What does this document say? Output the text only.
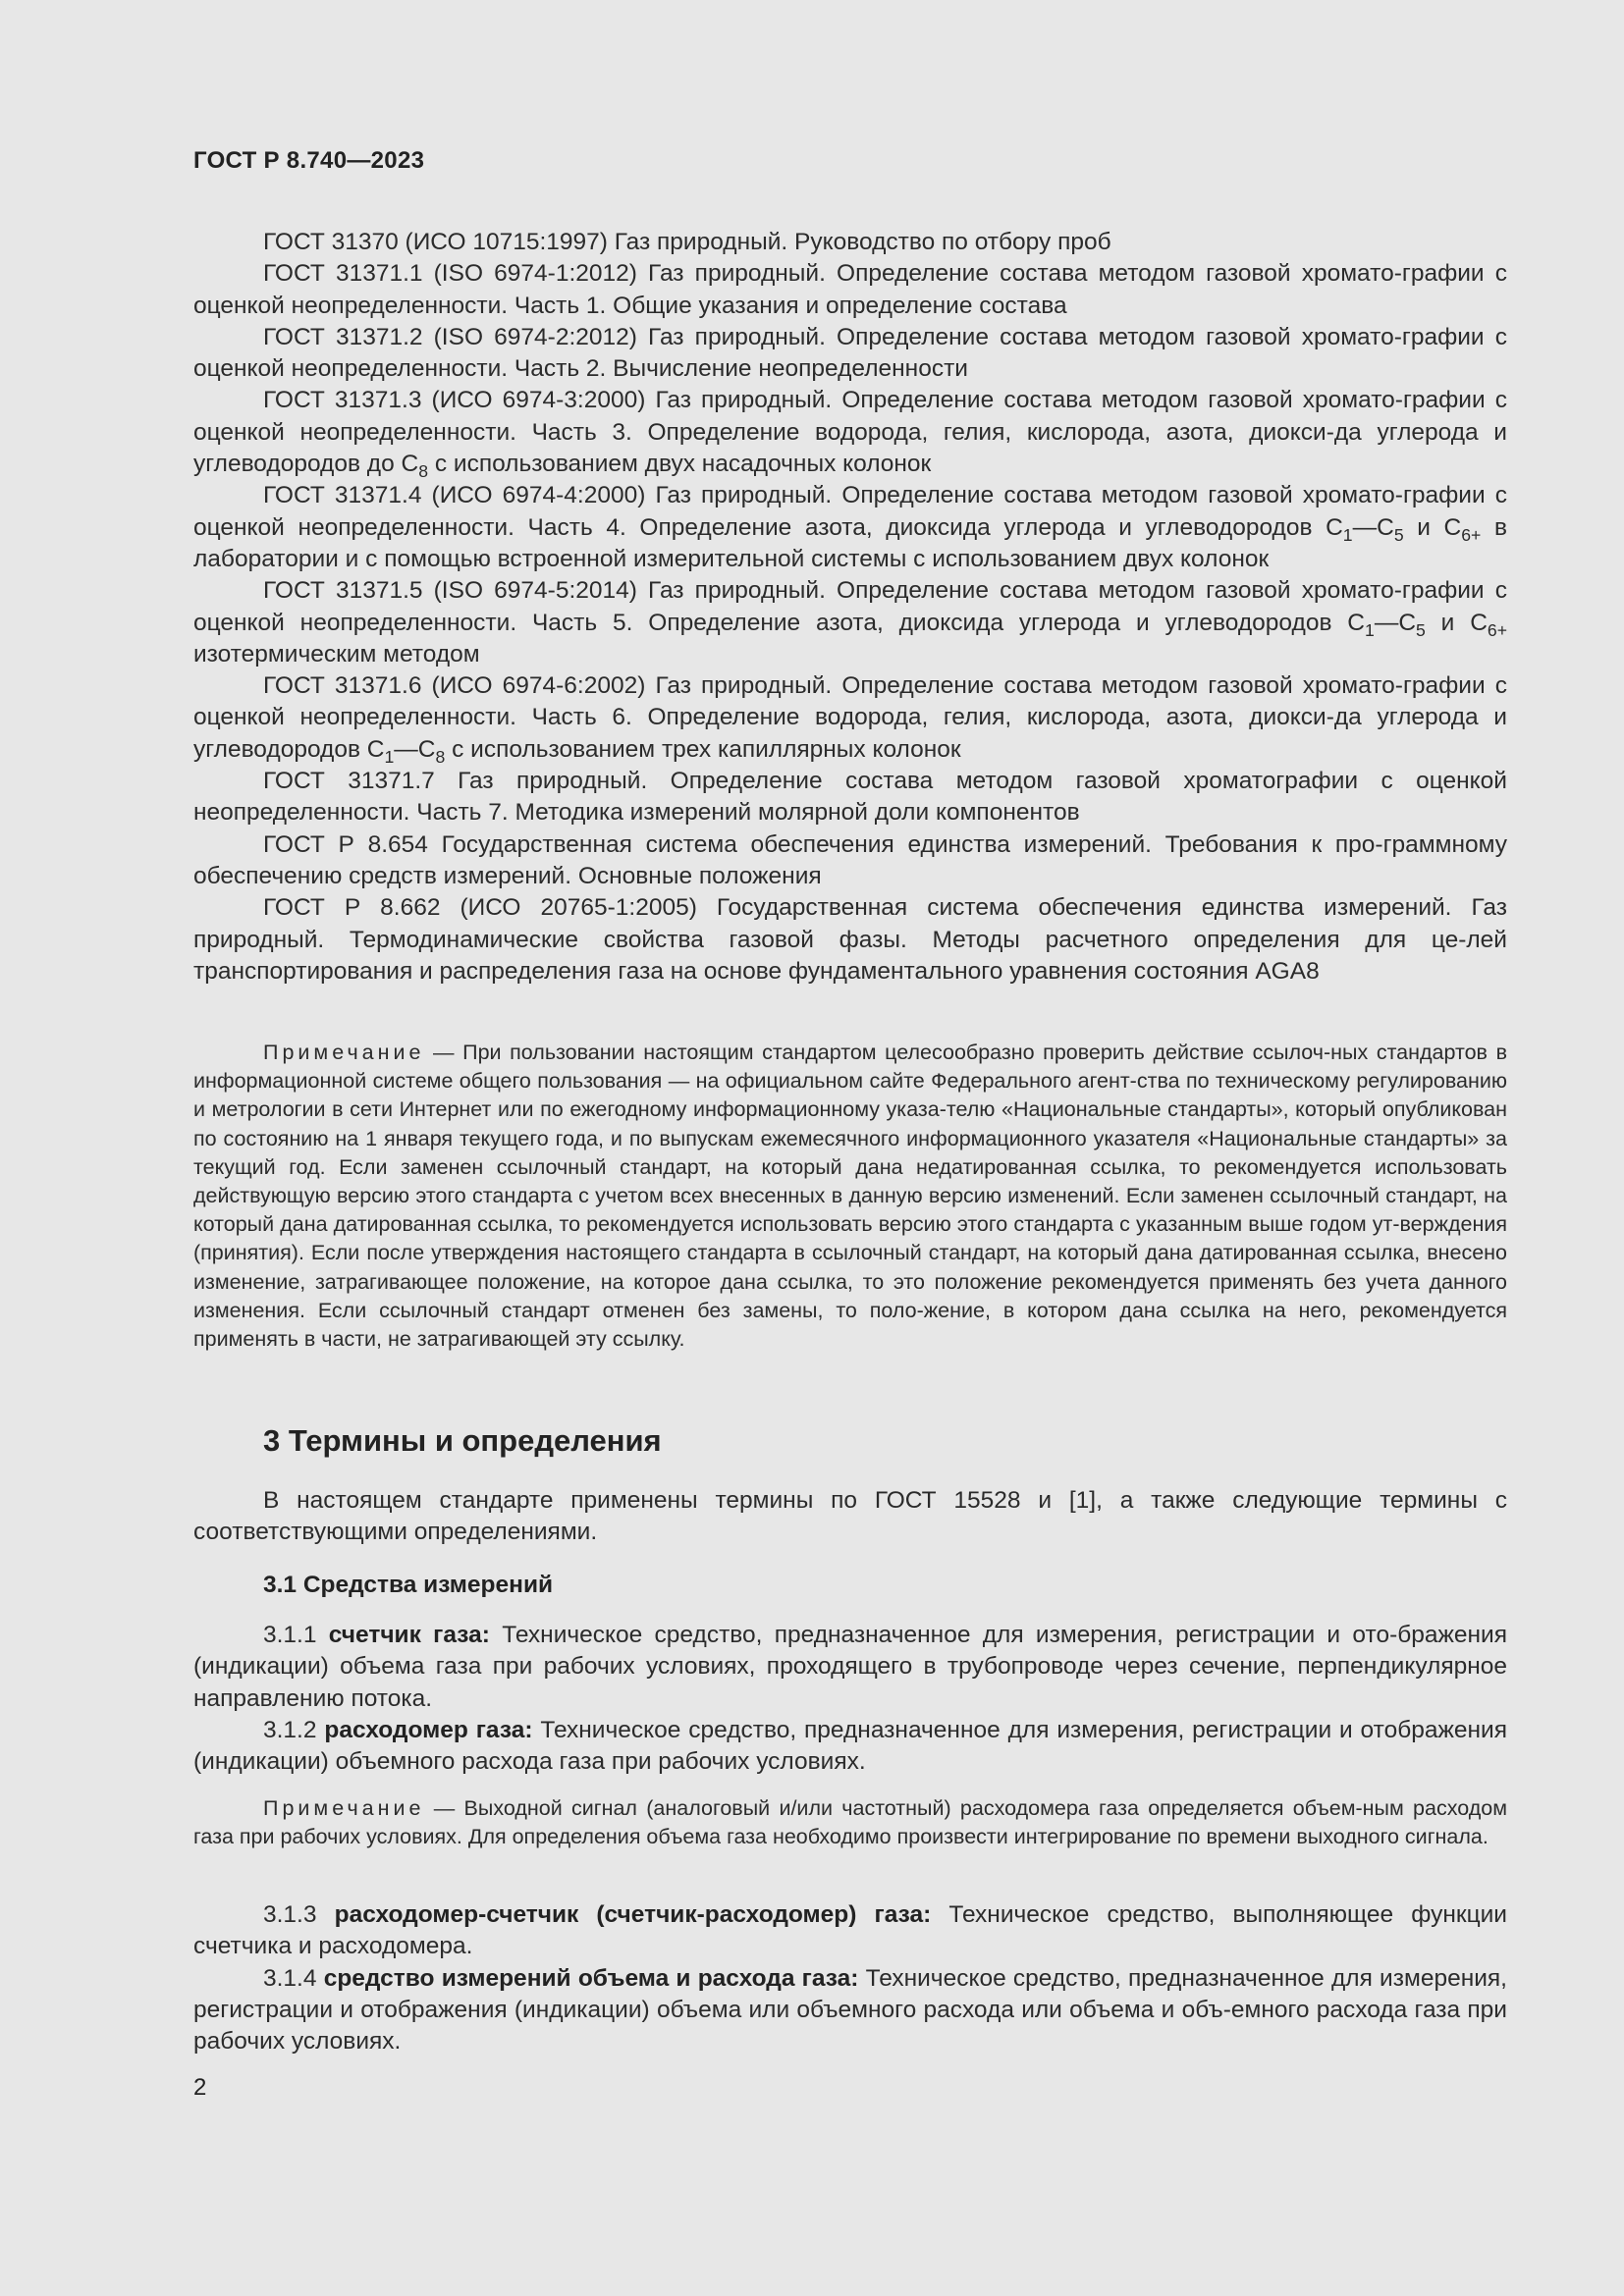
ГОСТ Р 8.740—2023

ГОСТ 31370 (ИСО 10715:1997) Газ природный. Руководство по отбору проб

ГОСТ 31371.1 (ISO 6974-1:2012) Газ природный. Определение состава методом газовой хромато-графии с оценкой неопределенности. Часть 1. Общие указания и определение состава

ГОСТ 31371.2 (ISO 6974-2:2012) Газ природный. Определение состава методом газовой хромато-графии с оценкой неопределенности. Часть 2. Вычисление неопределенности

ГОСТ 31371.3 (ИСО 6974-3:2000) Газ природный. Определение состава методом газовой хромато-графии с оценкой неопределенности. Часть 3. Определение водорода, гелия, кислорода, азота, диокси-да углерода и углеводородов до $C_8$ с использованием двух насадочных колонок

ГОСТ 31371.4 (ИСО 6974-4:2000) Газ природный. Определение состава методом газовой хромато-графии с оценкой неопределенности. Часть 4. Определение азота, диоксида углерода и углеводородов $C_1—C_5$ и $C_{6+}$ в лаборатории и с помощью встроенной измерительной системы с использованием двух колонок

ГОСТ 31371.5 (ISO 6974-5:2014) Газ природный. Определение состава методом газовой хромато-графии с оценкой неопределенности. Часть 5. Определение азота, диоксида углерода и углеводородов $C_1—C_5$ и $C_{6+}$ изотермическим методом

ГОСТ 31371.6 (ИСО 6974-6:2002) Газ природный. Определение состава методом газовой хромато-графии с оценкой неопределенности. Часть 6. Определение водорода, гелия, кислорода, азота, диокси-да углерода и углеводородов $C_1—C_8$ с использованием трех капиллярных колонок

ГОСТ 31371.7 Газ природный. Определение состава методом газовой хроматографии с оценкой неопределенности. Часть 7. Методика измерений молярной доли компонентов

ГОСТ Р 8.654 Государственная система обеспечения единства измерений. Требования к про-граммному обеспечению средств измерений. Основные положения

ГОСТ Р 8.662 (ИСО 20765-1:2005) Государственная система обеспечения единства измерений. Газ природный. Термодинамические свойства газовой фазы. Методы расчетного определения для це-лей транспортирования и распределения газа на основе фундаментального уравнения состояния AGA8

Примечание — При пользовании настоящим стандартом целесообразно проверить действие ссылоч-ных стандартов в информационной системе общего пользования — на официальном сайте Федерального агент-ства по техническому регулированию и метрологии в сети Интернет или по ежегодному информационному указа-телю «Национальные стандарты», который опубликован по состоянию на 1 января текущего года, и по выпускам ежемесячного информационного указателя «Национальные стандарты» за текущий год. Если заменен ссылочный стандарт, на который дана недатированная ссылка, то рекомендуется использовать действующую версию этого стандарта с учетом всех внесенных в данную версию изменений. Если заменен ссылочный стандарт, на который дана датированная ссылка, то рекомендуется использовать версию этого стандарта с указанным выше годом ут-верждения (принятия). Если после утверждения настоящего стандарта в ссылочный стандарт, на который дана датированная ссылка, внесено изменение, затрагивающее положение, на которое дана ссылка, то это положение рекомендуется применять без учета данного изменения. Если ссылочный стандарт отменен без замены, то поло-жение, в котором дана ссылка на него, рекомендуется применять в части, не затрагивающей эту ссылку.

3 Термины и определения

В настоящем стандарте применены термины по ГОСТ 15528 и [1], а также следующие термины с соответствующими определениями.

3.1 Средства измерений

3.1.1 счетчик газа: Техническое средство, предназначенное для измерения, регистрации и ото-бражения (индикации) объема газа при рабочих условиях, проходящего в трубопроводе через сечение, перпендикулярное направлению потока.

3.1.2 расходомер газа: Техническое средство, предназначенное для измерения, регистрации и отображения (индикации) объемного расхода газа при рабочих условиях.

Примечание — Выходной сигнал (аналоговый и/или частотный) расходомера газа определяется объем-ным расходом газа при рабочих условиях. Для определения объема газа необходимо произвести интегрирование по времени выходного сигнала.

3.1.3 расходомер-счетчик (счетчик-расходомер) газа: Техническое средство, выполняющее функции счетчика и расходомера.

3.1.4 средство измерений объема и расхода газа: Техническое средство, предназначенное для измерения, регистрации и отображения (индикации) объема или объемного расхода или объема и объ-емного расхода газа при рабочих условиях.

2
